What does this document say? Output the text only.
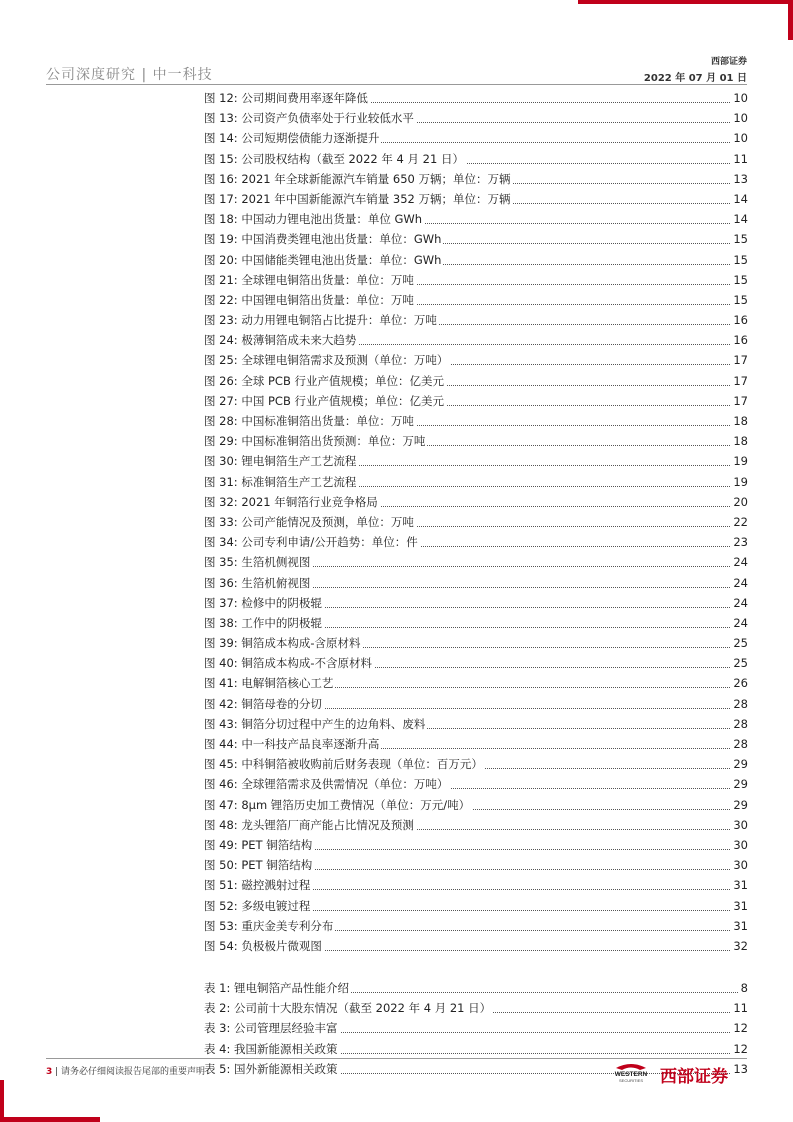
公司深度研究 | 中一科技
西部证券
2022 年 07 月 01 日
图 12: 公司期间费用率逐年降低	10
图 13: 公司资产负债率处于行业较低水平	10
图 14: 公司短期偿债能力逐渐提升	10
图 15: 公司股权结构（截至 2022 年 4 月 21 日）	11
图 16: 2021 年全球新能源汽车销量 650 万辆；单位：万辆	13
图 17: 2021 年中国新能源汽车销量 352 万辆；单位：万辆	14
图 18: 中国动力锂电池出货量：单位 GWh	14
图 19: 中国消费类锂电池出货量：单位：GWh	15
图 20: 中国储能类锂电池出货量：单位：GWh	15
图 21: 全球锂电铜箔出货量：单位：万吨	15
图 22: 中国锂电铜箔出货量：单位：万吨	15
图 23: 动力用锂电铜箔占比提升：单位：万吨	16
图 24: 极薄铜箔成未来大趋势	16
图 25: 全球锂电铜箔需求及预测（单位：万吨）	17
图 26: 全球 PCB 行业产值规模；单位：亿美元	17
图 27: 中国 PCB 行业产值规模；单位：亿美元	17
图 28: 中国标准铜箔出货量：单位：万吨	18
图 29: 中国标准铜箔出货预测：单位：万吨	18
图 30: 锂电铜箔生产工艺流程	19
图 31: 标准铜箔生产工艺流程	19
图 32: 2021 年铜箔行业竞争格局	20
图 33: 公司产能情况及预测，单位：万吨	22
图 34: 公司专利申请/公开趋势：单位：件	23
图 35: 生箔机侧视图	24
图 36: 生箔机俯视图	24
图 37: 检修中的阴极辊	24
图 38: 工作中的阴极辊	24
图 39: 铜箔成本构成-含原材料	25
图 40: 铜箔成本构成-不含原材料	25
图 41: 电解铜箔核心工艺	26
图 42: 铜箔母卷的分切	28
图 43: 铜箔分切过程中产生的边角料、废料	28
图 44: 中一科技产品良率逐渐升高	28
图 45: 中科铜箔被收购前后财务表现（单位：百万元）	29
图 46: 全球锂箔需求及供需情况（单位：万吨）	29
图 47: 8μm 锂箔历史加工费情况（单位：万元/吨）	29
图 48: 龙头锂箔厂商产能占比情况及预测	30
图 49: PET 铜箔结构	30
图 50: PET 铜箔结构	30
图 51: 磁控溅射过程	31
图 52: 多级电镀过程	31
图 53: 重庆金美专利分布	31
图 54: 负极极片微观图	32
表 1: 锂电铜箔产品性能介绍	8
表 2: 公司前十大股东情况（截至 2022 年 4 月 21 日）	11
表 3: 公司管理层经验丰富	12
表 4: 我国新能源相关政策	12
表 5: 国外新能源相关政策	13
3 | 请务必仔细阅读报告尾部的重要声明	WESTERN
SECURITIES 西部证券
